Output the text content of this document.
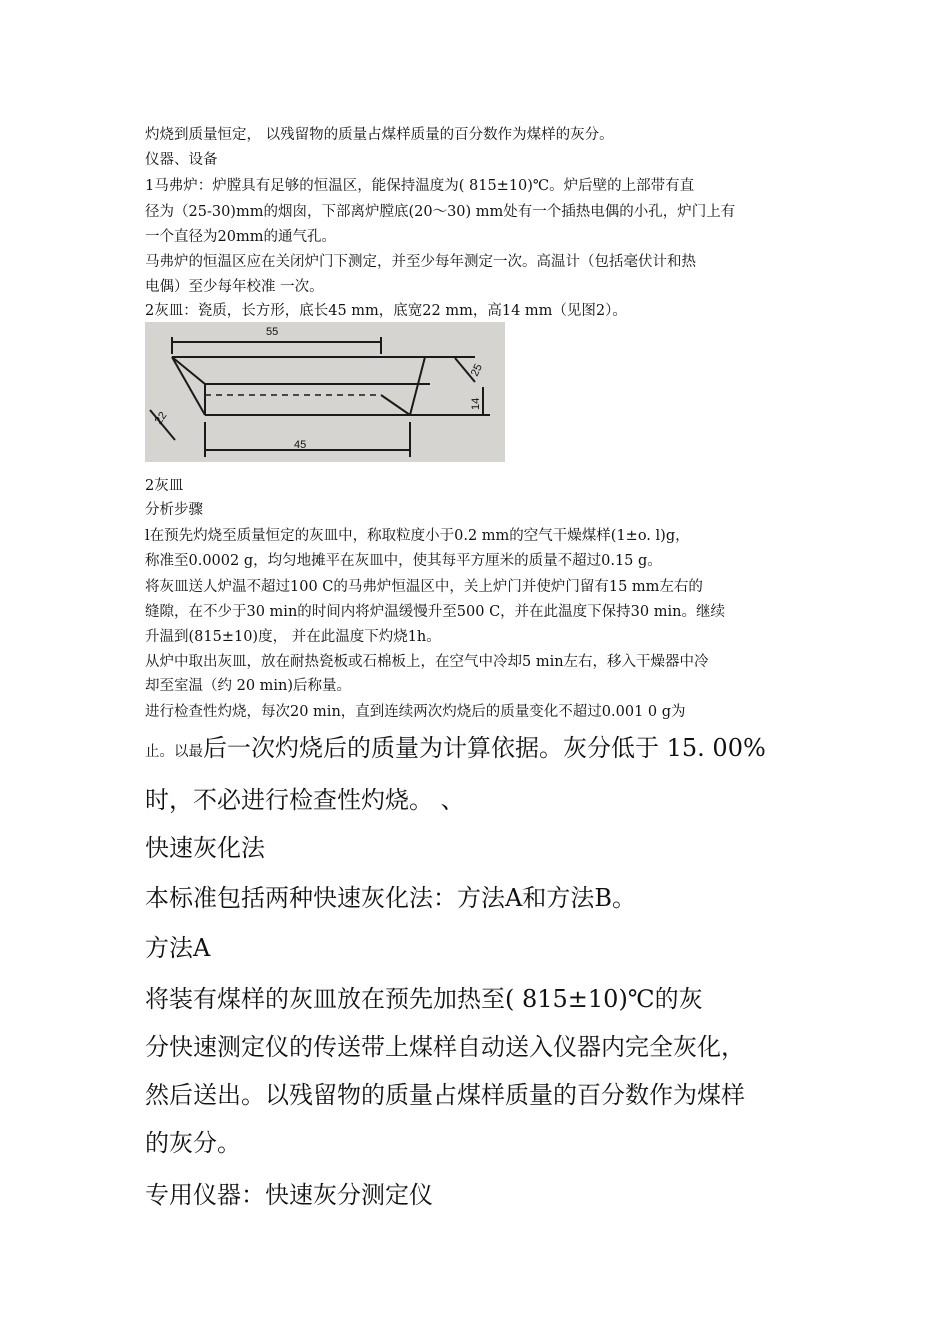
灼烧到质量恒定， 以残留物的质量占煤样质量的百分数作为煤样的灰分。
仪器、设备
1马弗炉：炉膛具有足够的恒温区，能保持温度为( 815±10)℃。炉后壁的上部带有直
径为（25-30)mm的烟囱，下部离炉膛底(20～30) mm处有一个插热电偶的小孔，炉门上有
一个直径为20mm的通气孔。
马弗炉的恒温区应在关闭炉门下测定，并至少每年测定一次。高温计（包括毫伏计和热
电偶）至少每年校准 一次。
2灰皿：瓷质，长方形，底长45 mm，底宽22 mm，高14 mm（见图2）。
55
45
22
25
14
2灰皿
分析步骤
l在预先灼烧至质量恒定的灰皿中，称取粒度小于0.2 mm的空气干燥煤样(1±o. l)g，
称准至0.0002 g，均匀地摊平在灰皿中，使其每平方厘米的质量不超过0.15 g。
将灰皿送人炉温不超过100 C的马弗炉恒温区中，关上炉门并使炉门留有15 mm左右的
缝隙，在不少于30 min的时间内将炉温缓慢升至500 C，并在此温度下保持30 min。继续
升温到(815±10)度， 并在此温度下灼烧1h。
从炉中取出灰皿，放在耐热瓷板或石棉板上，在空气中冷却5 min左右，移入干燥器中冷
却至室温（约 20 min)后称量。
进行检查性灼烧，每次20 min，直到连续两次灼烧后的质量变化不超过0.001 0 g为
止。以最后一次灼烧后的质量为计算依据。灰分低于 15. 00%
时，不必进行检查性灼烧。 、
快速灰化法
本标准包括两种快速灰化法：方法A和方法B。
方法A
将装有煤样的灰皿放在预先加热至( 815±10)℃的灰
分快速测定仪的传送带上煤样自动送入仪器内完全灰化，
然后送出。以残留物的质量占煤样质量的百分数作为煤样
的灰分。
专用仪器：快速灰分测定仪
